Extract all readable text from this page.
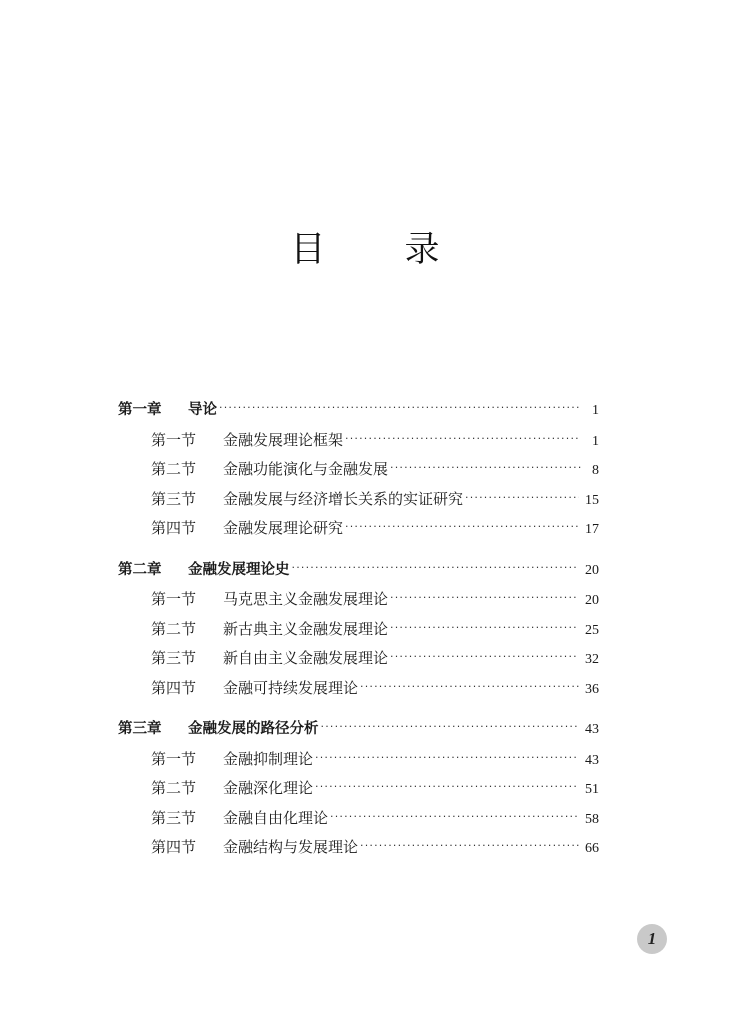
目 录
第一章	导论 ·····	1
第一节	金融发展理论框架 ·····	1
第二节	金融功能演化与金融发展 ·····	8
第三节	金融发展与经济增长关系的实证研究 ·····	15
第四节	金融发展理论研究 ·····	17
第二章	金融发展理论史 ·····	20
第一节	马克思主义金融发展理论 ·····	20
第二节	新古典主义金融发展理论 ·····	25
第三节	新自由主义金融发展理论 ·····	32
第四节	金融可持续发展理论 ·····	36
第三章	金融发展的路径分析 ·····	43
第一节	金融抑制理论 ·····	43
第二节	金融深化理论 ·····	51
第三节	金融自由化理论 ·····	58
第四节	金融结构与发展理论 ·····	66
1
